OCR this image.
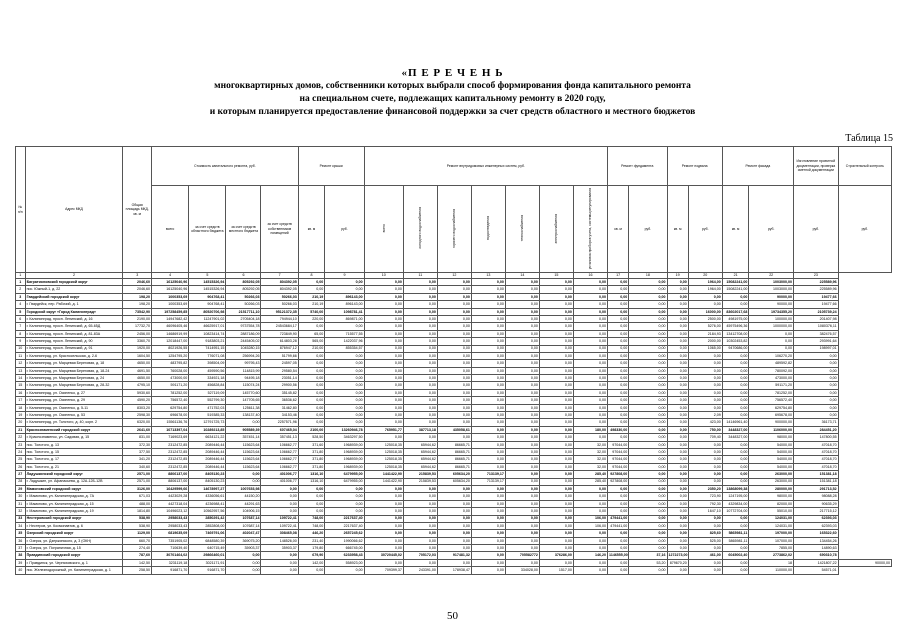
«П Е Р Е Ч Е Н Ь
многоквартирных домов, собственники которых выбрали способ формирования фонда капитального ремонта
на специальном счете, подлежащих капитальному ремонту в 2020 году,
и которым планируется предоставление финансовой поддержки за счет средств областного и местного бюджетов
Таблица 15
№ п/п	Адрес МКД	Общая площадь МКД, кв. м	Стоимость капитального ремонта, руб.				Ремонт крыши		Ремонт внутридомовых инженерных систем, руб.							Ремонт фундамента		Ремонт подвала		Ремонт фасада		Изготовление проектной документации, проверка сметной документации	Строительный контроль
			всего	за счет средств областного бюджета	за счет средств местного бюджета	за счет средств собственников помещений	кв. м	руб.	всего	холодного водоснабжения	горячего водоснабжения	водоотведения	теплоснабжения	электроснабжения	установка приборов учета, системы регулирования	кв. м	руб.	кв. м	руб.	кв. м	руб.	руб.	руб.

1	2	3	4	5	6	7	8	9	10	11	12	13	14	15	16	17	18	19	20	21	22	23	
1	Багратионовский городской округ	2046,60	16125040,96	14515326,94	805292,05	804392,05	0,00	0,00	0,00	0,00	0,00	0,00	0,00	0,00	0,00	0,00	0,00	0,00	1964,00	15082241,00	1003000,00	225589,96	
2	пос. Южный-1, д. 22	2046,60	16125040,96	14515326,94	805292,05	804392,05	0,00	0,00	0,00	0,00	0,00	0,00	0,00	0,00	0,00	0,00	0,00	0,00	1964,00	15082241,00	1003000,00	225589,96	
3	Гвардейский городской округ	198,20	1000353,69	904768,41	50266,03	50266,03	210,19	896143,00	0,00	0,00	0,00	0,00	0,00	0,00	0,00	0,00	0,00	0,00	0,00	0,00	90000,00	19477,66	
4	г. Гвардейск, пер. Рабочий, д. 1	198,20	1000353,69	904768,41	50266,03	50266,03	210,19	896143,00	0,00	0,00	0,00	0,00	0,00	0,00	0,00	0,00	0,00	0,00	0,00	0,00	90000,00	19477,66	
5	Городской округ «Город Калининград»	73542,90	197258459,85	80520706,98	21517711,10	95121372,35	5740,00	1098781,41	0,00	0,00	0,00	0,00	0,00	0,00	0,00	0,00	0,00	0,00	16000,00	83602017,68	19734355,20	2105739,24	
6	г. Калининград, просп. Ленинский, д. 16	2190,00	14947682,42	11247901,02	2705404,18	794944,10	220,00	869871,00	0,00	0,00	0,00	0,00	0,00	0,00	0,00	0,00	0,00	0,00	2500,00	4981975,00	100000,00	201407,98	
7	г. Калининград, просп. Ленинский, д. 65-65Д	17732,70	46096405,46	46625917,01	9737554,78	24543684,17	0,00	0,00	0,00	0,00	0,00	0,00	0,00	0,00	0,00	0,00	0,00	0,00	5276,00	45975496,36	1000000,00	1080376,11	
8	г. Калининград, просп. Ленинский, д. 81-83А	2456,00	14686919,99	10823414,74	2887186,09	723849,90	65,00	715577,55	0,00	0,00	0,00	0,00	0,00	0,00	0,00	0,00	0,00	0,00	2184,93	13412708,00	0,00	382476,57	
9	г. Калининград, просп. Ленинский, д. 90	3360,70	12018447,00	9183803,21	2445405,02	614803,28	565,00	1422037,96	0,00	0,00	0,00	0,00	0,00	0,00	0,00	0,00	0,00	0,00	2000,00	10302453,82	0,00	293991,64	
10	г. Калининград, просп. Ленинский, д. 91	1920,00	8021926,55	7414951,15	1045280,15	876947,12	210,00	855354,57	0,00	0,00	0,00	0,00	0,00	0,00	0,00	0,00	0,00	0,00	1065,00	9470686,00	0,00	198997,01	
11	г. Калининград, ул. Красносельская, д. 2-6	1604,50	1254795,20	776071,08	256994,26	51799,66	0,00	0,00	0,00	0,00	0,00	0,00	0,00	0,00	0,00	0,00	0,00	0,00	0,00	0,00	106270,20	0,00	
12	г. Калининград, ул. Марцевая Береговая, д. 18	4650,00	483795,82	398504,09	99795,43	24597,05	0,00	0,00	0,00	0,00	0,00	0,00	0,00	0,00	0,00	0,00	0,00	0,00	0,00	0,00	489592,82	0,00	
13	г. Калининград, ул. Марцевая Береговая, д. 18-24	4691,50	760028,00	459590,56	114815,99	29580,54	0,00	0,00	0,00	0,00	0,00	0,00	0,00	0,00	0,00	0,00	0,00	0,00	0,00	0,00	780092,00	0,00	
14	г. Калининград, ул. Марцевая Береговая, д. 24	4650,00	473000,00	334921,18	94495,18	23051,14	0,00	0,00	0,00	0,00	0,00	0,00	0,00	0,00	0,00	0,00	0,00	0,00	0,00	0,00	473000,00	0,00	
15	г. Калининград, ул. Марцевая Береговая, д. 28-32	4795,10	591171,20	456828,84	115074,24	29900,56	0,00	0,00	0,00	0,00	0,00	0,00	0,00	0,00	0,00	0,00	0,00	0,00	0,00	0,00	591171,20	0,00	
16	г. Калининград, ул. Осипенко, д. 27	5930,60	781252,00	527119,09	145770,60	35145,82	0,00	0,00	0,00	0,00	0,00	0,00	0,00	0,00	0,00	0,00	0,00	0,00	0,00	0,00	781252,00	0,00	
17	г. Калининград, ул. Осипенко, д. 29	4590,20	756572,40	552799,30	147705,65	36536,62	0,00	0,00	0,00	0,00	0,00	0,00	0,00	0,00	0,00	0,00	0,00	0,00	0,00	0,00	756572,40	0,00	
18	г. Калининград, ул. Осипенко, д. 5-11	8303,20	629754,80	471752,03	125611,38	31462,80	0,00	0,00	0,00	0,00	0,00	0,00	0,00	0,00	0,00	0,00	0,00	0,00	0,00	0,00	629754,80	0,00	
19	г. Калининград, ул. Осипенко, д. 53	2598,30	696678,00	519385,33	138137,40	34153,46	0,00	0,00	0,00	0,00	0,00	0,00	0,00	0,00	0,00	0,00	0,00	0,00	2,09	0,00	695678,00	0,00	
20	г. Калининград, ул. Толстого, д. 40, корп. 2	6320,00	15561136,76	12791725,73	0,00	2257571,96	0,00	0,00	0,00	0,00	0,00	0,00	0,00	0,00	0,00	0,00	0,00	0,00	423,00	14146961,40	900000,00	36173,71	
21	Краснознаменский городской округ	2641,60	10713397,04	10289213,85	905589,39	607465,04	2100,00	13260946,78	765951,77	387713,18	435058,61	0,00	0,00	0,00	180,00	498330,00	0,00	0,00	750,00	3448327,00	1106000,00	284451,20	
22	г. Краснознаменск, ул. Садовая, д. 15	831,00	7169023,69	6634121,22	357451,14	357451,13	528,50	3463297,50	0,00	0,00	0,00	0,00	0,00	0,00	0,00	0,00	0,00	0,00	709,40	3448327,00	98000,00	147800,55	
23	пос. Толстого, д. 13	372,30	2312472,85	2089446,44	115623,64	106662,77	371,60	1968939,00	125018,35	65944,62	86665,71	0,00	0,00	0,00	32,00	97044,00	0,00	0,00	0,00	0,00	54000,00	47018,70	
24	пос. Толстого, д. 15	377,50	2312472,85	2089446,44	115623,64	106662,77	371,80	1968939,00	125018,35	65944,62	86665,71	0,00	0,00	0,00	32,00	97044,00	0,00	0,00	0,00	0,00	54000,00	47018,70	
25	пос. Толстого, д. 17	341,20	2312472,85	2089446,44	115623,64	106662,77	371,80	1968939,00	125018,35	65944,62	86665,71	0,00	0,00	0,00	32,00	97044,00	0,00	0,00	0,00	0,00	54000,00	47018,70	
26	пос. Толстого, д. 21	340,60	2312472,85	2089446,44	115623,64	106662,77	371,80	1968939,00	125018,35	65944,62	86665,71	0,00	0,00	0,00	32,00	97044,00	0,00	0,00	0,00	0,00	54000,00	47018,70	
27	Ладушкинский городской округ	2571,00	8806137,00	8405130,23	0,00	401006,77	1316,10	6479955,00	1441422,90	215839,53	605634,20	713139,17	0,00	0,00	285,40	927808,00	0,00	0,00	0,00	0,00	263000,00	151381,18	
28	г. Ладушкин, ул. Афанасьева, д. 12А-12Б-12В	2571,00	8806137,00	8405130,23	0,00	401006,77	1316,10	6479955,00	1441422,90	215839,53	605634,20	713139,17	0,00	0,00	285,40	927808,00	0,00	0,00	0,00	0,00	263000,00	151381,18	
29	Мамоновский городской округ	3126,00	16429599,66	14678997,27	1007653,98	0,00	0,00	0,00	0,00	0,00	0,00	0,00	0,00	0,00	0,00	0,00	0,00	0,00	2350,20	13868099,38	280000,00	291713,52	
30	г. Мамоново, ул. Калининградская, д. 7А	671,03	4423029,28	4336056,61	44150,20	0,00	0,00	0,00	0,00	0,00	0,00	0,00	0,00	0,00	0,00	0,00	0,00	0,00	723,90	1247195,00	98000,00	98088,28	
31	г. Мамоново, ул. Калининградская, д. 15	488,00	4427318,04	4236988,41	44291,63	0,00	0,00	0,00	0,00	0,00	0,00	0,00	0,00	0,00	0,00	0,00	0,00	0,00	792,30	4329834,00	82000,00	90635,29	
32	г. Мамоново, ул. Калининградская, д. 19	1814,80	10496023,12	10562957,56	104906,15	0,00	0,00	0,00	0,00	0,00	0,00	0,00	0,00	0,00	0,00	0,00	0,00	0,00	1647,10	10772704,00	55010,00	217715,12	
33	Нестеровский городской округ	538,90	2958033,43	2850291,42	107687,14	109722,41	748,00	2217637,40	0,00	0,00	0,00	0,00	0,00	0,00	106,00	479441,00	0,00	0,00	0,00	0,00	124031,00	62393,03	
34	г. Нестеров, ул. Космонавтов, д. 6	538,90	2958033,43	2852808,00	107687,14	109722,41	748,00	2217637,40	0,00	0,00	0,00	0,00	0,00	0,00	106,00	479441,00	0,00	0,00	0,00	0,00	124031,00	62393,03	
35	Озерский городской округ	1129,00	6819635,09	7469791,06	402047,47	308465,08	446,20	2657245,62	0,00	0,00	0,00	0,00	0,00	0,00	0,00	0,00	0,00	0,00	825,60	5865981,11	197000,00	165322,60	
36	г. Озерск, ул. Дзержинского, д. 3 (ОКН)	660,70	7351905,02	6848580,39	369075,20	148526,00	231,40	1990066,62	0,00	0,00	0,00	0,00	0,00	0,00	0,00	0,00	0,00	0,00	525,00	5865981,11	107000,00	134454,26	
37	г. Озерск, ул. Пограничная, д. 15	274,40	710639,40	640715,49	35903,37	35903,37	179,80	666745,00	0,00	0,00	0,00	0,00	0,00	0,00	0,00	0,00	0,00	0,00	0,00	0,00	7855,00	14890,63	
38	Правдинский городской округ	787,60	30701464,02	29866460,01	0,00	0,00	679,90	6233958,43	30720445,02	705172,03	917481,32	0,00	705582772	376286,00	146,20	1146555,00	37,16	1272273,00	461,00	6045002,40	2773862,02	690310,78	
39	г. Правдинск, ул. Черняховского, д. 1	142,50	3231119,18	3021171,91	0,00	0,00	142,00	558923,00	0,00	0,00	0,00	0,00	0,00	0,00	0,00	0,00	53,20	879670,20	0,00	0,00	18	1421807,22	90000,00
40	пос. Железнодорожный, ул. Калининградская, д. 1	258,50	916871,70	916871,70	0,00	0,00	0,00	0,00	709399,37	243391,00	178938,47	0,00	334028,00	1517,00	0,00	0,00	0,00	0,00	0,00	0,00	110000,00	54571,01	
50
